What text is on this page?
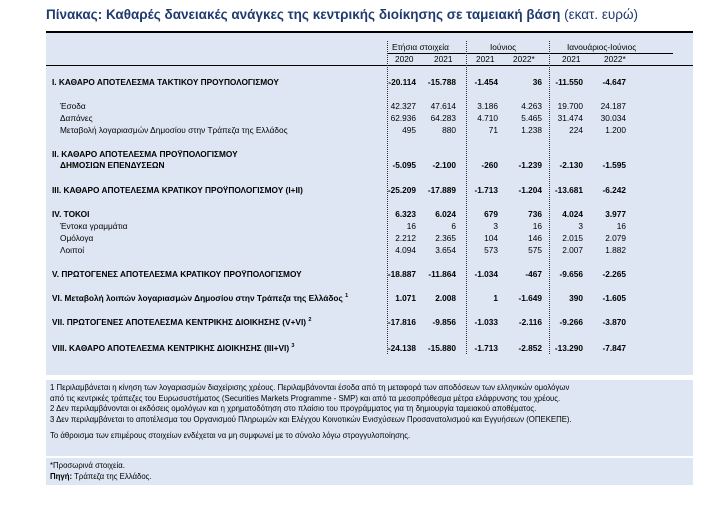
Πίνακας: Καθαρές δανειακές ανάγκες της κεντρικής διοίκησης σε ταμειακή βάση (εκατ. ευρώ)
Ετήσια στοιχεία	Ιούνιος	Ιανουάριος-Ιούνιος
2020 2021	2021 2022*	2021	2022*
I. ΚΑΘΑΡΟ ΑΠΟΤΕΛΕΣΜΑ ΤΑΚΤΙΚΟΥ ΠΡΟΥΠΟΛΟΓΙΣΜΟΥ	-20.114	-15.788	-1.454	36	-11.550	-4.647
Έσοδα	42.327	47.614	3.186	4.263	19.700	24.187
Δαπάνες	62.936	64.283	4.710	5.465	31.474	30.034
Μεταβολή λογαριασμών Δημοσίου στην Τράπεζα της Ελλάδος	495	880	71	1.238	224	1.200
II. ΚΑΘΑΡΟ ΑΠΟΤΕΛΕΣΜΑ ΠΡΟΫΠΟΛΟΓΙΣΜΟΥ
ΔΗΜΟΣΙΩΝ ΕΠΕΝΔΥΣΕΩΝ	-5.095	-2.100	-260	-1.239	-2.130	-1.595
III. ΚΑΘΑΡΟ ΑΠΟΤΕΛΕΣΜΑ ΚΡΑΤΙΚΟΥ ΠΡΟΫΠΟΛΟΓΙΣΜΟΥ (I+II)	-25.209	-17.889	-1.713	-1.204	-13.681	-6.242
IV. ΤΟΚΟΙ	6.323	6.024	679	736	4.024	3.977
Έντοκα γραμμάτια	16	6	3	16	3	16
Ομόλογα	2.212	2.365	104	146	2.015	2.079
Λοιποί	4.094	3.654	573	575	2.007	1.882
V. ΠΡΩΤΟΓΕΝΕΣ ΑΠΟΤΕΛΕΣΜΑ ΚΡΑΤΙΚΟΥ ΠΡΟΫΠΟΛΟΓΙΣΜΟΥ	-18.887	-11.864	-1.034	-467	-9.656	-2.265
VI. Μεταβολή λοιπών λογαριασμών Δημοσίου στην Τράπεζα της Ελλάδος $^1$	1.071	2.008	1	-1.649	390	-1.605
VII. ΠΡΩΤΟΓΕΝΕΣ ΑΠΟΤΕΛΕΣΜΑ ΚΕΝΤΡΙΚΗΣ ΔΙΟΙΚΗΣΗΣ (V+VI) $^2$	-17.816	-9.856	-1.033	-2.116	-9.266	-3.870
VIII. ΚΑΘΑΡΟ ΑΠΟΤΕΛΕΣΜΑ ΚΕΝΤΡΙΚΗΣ ΔΙΟΙΚΗΣΗΣ (III+VI) $^3$	-24.138	-15.880	-1.713	-2.852	-13.290	-7.847
1 Περιλαμβάνεται η κίνηση των λογαριασμών διαχείρισης χρέους. Περιλαμβάνονται έσοδα από τη μεταφορά των αποδόσεων των ελληνικών ομολόγων
από τις κεντρικές τράπεζες του Ευρωσυστήματος (Securities Markets Programme - SMP) και από τα μεσοπρόθεσμα μέτρα ελάφρυνσης του χρέους.
2 Δεν περιλαμβάνονται οι εκδόσεις ομολόγων και η χρηματοδότηση στο πλαίσιο του προγράμματος για τη δημιουργία ταμειακού αποθέματος.
3 Δεν περιλαμβάνεται το αποτέλεσμα του Οργανισμού Πληρωμών και Ελέγχου Κοινοτικών Ενισχύσεων Προσανατολισμού και Εγγυήσεων (ΟΠΕΚΕΠΕ).
Το άθροισμα των επιμέρους στοιχείων ενδέχεται να μη συμφωνεί με το σύνολο λόγω στρογγυλοποίησης.
*Προσωρινά στοιχεία.
Πηγή: Τράπεζα της Ελλάδος.
